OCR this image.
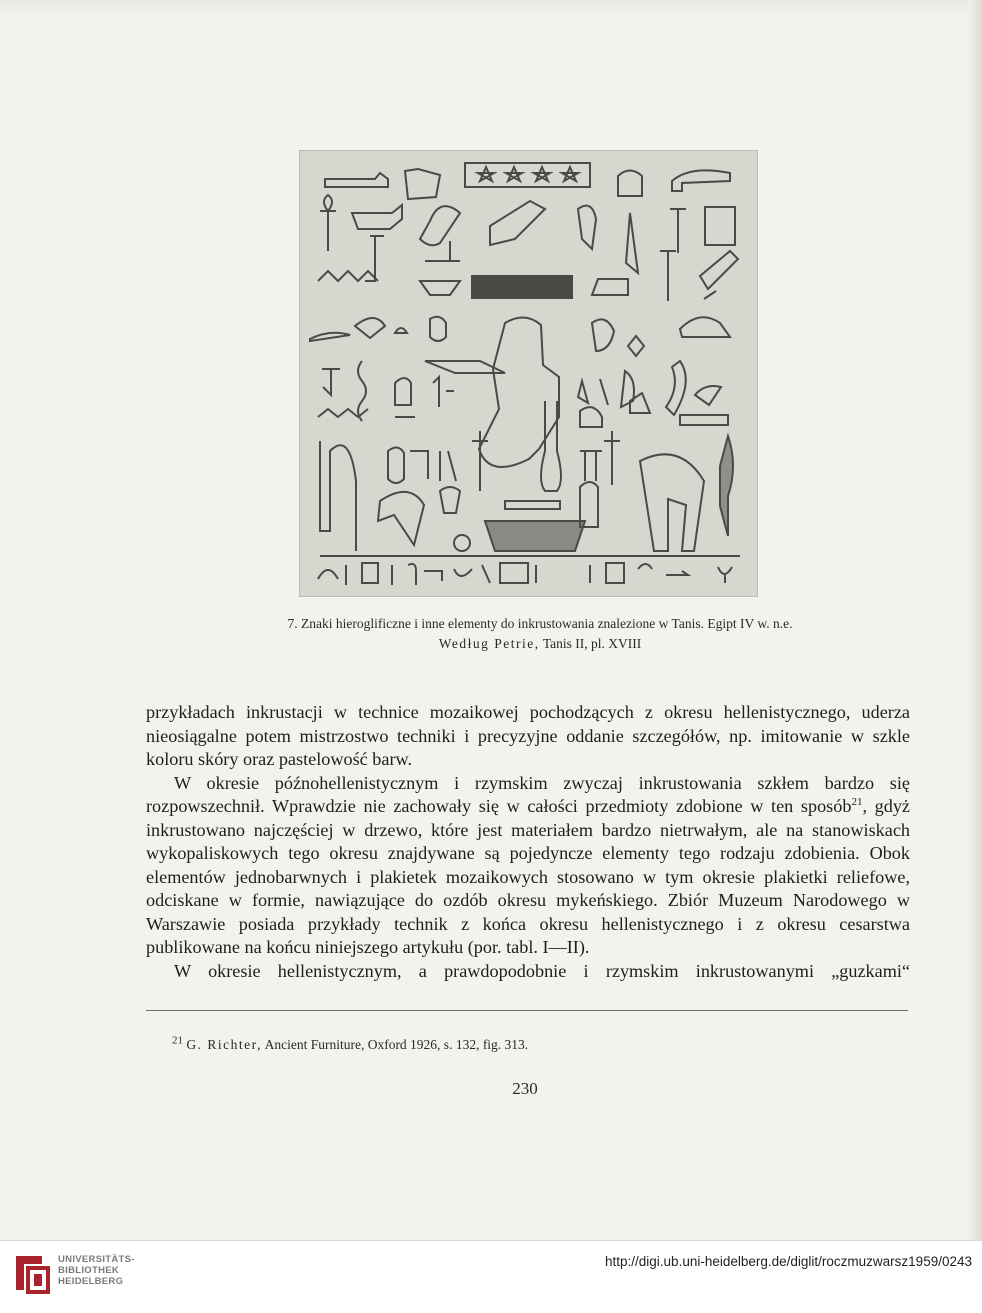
7. Znaki hieroglificzne i inne elementy do inkrustowania znalezione w Tanis. Egipt IV w. n.e.
Według Petrie, Tanis II, pl. XVIII

przykładach inkrustacji w technice mozaikowej pochodzących z okresu hellenistycznego, uderza nieosiągalne potem mistrzostwo techniki i precyzyjne oddanie szczegółów, np. imitowanie w szkle koloru skóry oraz pastelowość barw.

W okresie późnohellenistycznym i rzymskim zwyczaj inkrustowania szkłem bardzo się rozpowszechnił. Wprawdzie nie zachowały się w całości przedmioty zdobione w ten sposób$^{21}$, gdyż inkrustowano najczęściej w drzewo, które jest materiałem bardzo nietrwałym, ale na stanowiskach wykopaliskowych tego okresu znajdywane są pojedyncze elementy tego rodzaju zdobienia. Obok elementów jednobarwnych i plakietek mozaikowych stosowano w tym okresie plakietki reliefowe, odciskane w formie, nawiązujące do ozdób okresu mykeńskiego. Zbiór Muzeum Narodowego w Warszawie posiada przykłady technik z końca okresu hellenistycznego i z okresu cesarstwa publikowane na końcu niniejszego artykułu (por. tabl. I—II).

W okresie hellenistycznym, a prawdopodobnie i rzymskim inkrustowanymi „guzkami“

$^{21}$ G. Richter, Ancient Furniture, Oxford 1926, s. 132, fig. 313.
230
UNIVERSITÄTS-
BIBLIOTHEK
HEIDELBERG
http://digi.ub.uni-heidelberg.de/diglit/roczmuzwarsz1959/0243
